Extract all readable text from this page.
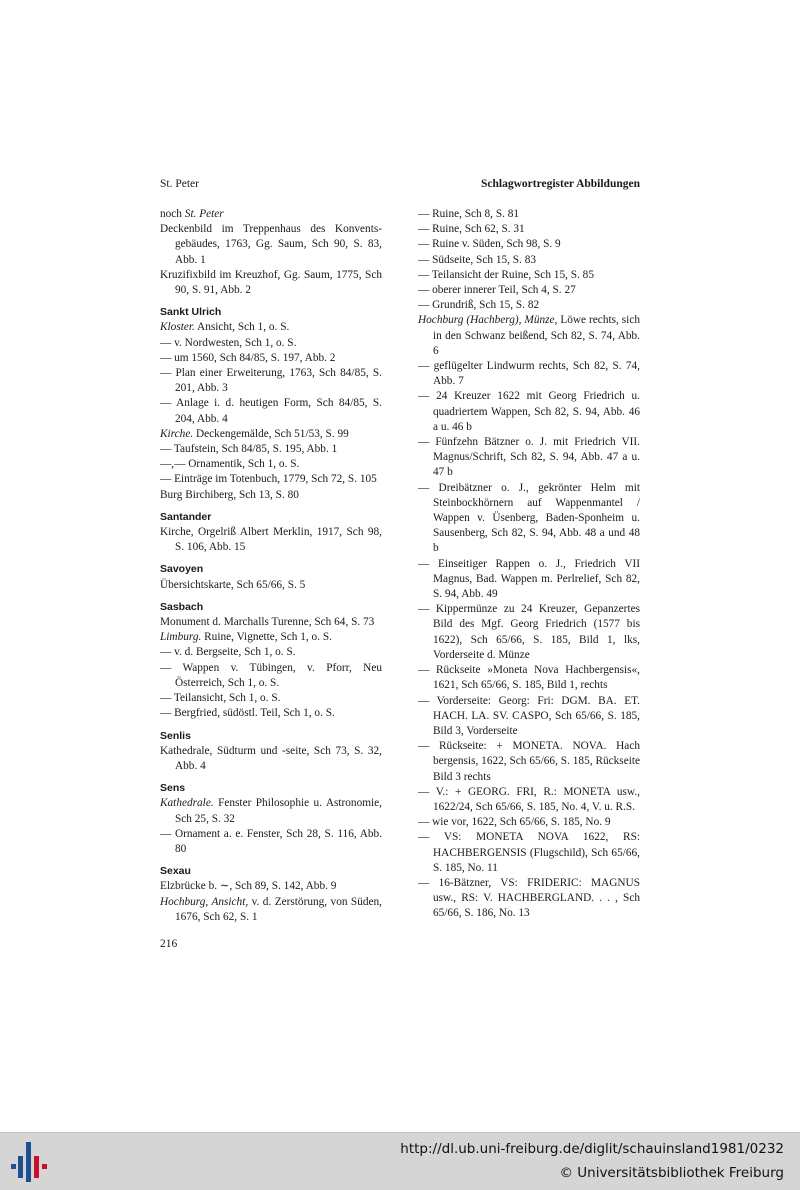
St. Peter	Schlagwortregister Abbildungen
noch St. Peter
Deckenbild im Treppenhaus des Konvents-gebäudes, 1763, Gg. Saum, Sch 90, S. 83, Abb. 1
Kruzifixbild im Kreuzhof, Gg. Saum, 1775, Sch 90, S. 91, Abb. 2
Sankt Ulrich
Kloster. Ansicht, Sch 1, o. S.
— v. Nordwesten, Sch 1, o. S.
— um 1560, Sch 84/85, S. 197, Abb. 2
— Plan einer Erweiterung, 1763, Sch 84/85, S. 201, Abb. 3
— Anlage i. d. heutigen Form, Sch 84/85, S. 204, Abb. 4
Kirche. Deckengemälde, Sch 51/53, S. 99
— Taufstein, Sch 84/85, S. 195, Abb. 1
—,— Ornamentik, Sch 1, o. S.
— Einträge im Totenbuch, 1779, Sch 72, S. 105
Burg Birchiberg, Sch 13, S. 80
Santander
Kirche, Orgelriß Albert Merklin, 1917, Sch 98, S. 106, Abb. 15
Savoyen
Übersichtskarte, Sch 65/66, S. 5
Sasbach
Monument d. Marchalls Turenne, Sch 64, S. 73
Limburg. Ruine, Vignette, Sch 1, o. S.
— v. d. Bergseite, Sch 1, o. S.
— Wappen v. Tübingen, v. Pforr, Neu Österreich, Sch 1, o. S.
— Teilansicht, Sch 1, o. S.
— Bergfried, südöstl. Teil, Sch 1, o. S.
Senlis
Kathedrale, Südturm und -seite, Sch 73, S. 32, Abb. 4
Sens
Kathedrale. Fenster Philosophie u. Astronomie, Sch 25, S. 32
— Ornament a. e. Fenster, Sch 28, S. 116, Abb. 80
Sexau
Elzbrücke b. ∼, Sch 89, S. 142, Abb. 9
Hochburg, Ansicht, v. d. Zerstörung, von Süden, 1676, Sch 62, S. 1
— Ruine, Sch 8, S. 81
— Ruine, Sch 62, S. 31
— Ruine v. Süden, Sch 98, S. 9
— Südseite, Sch 15, S. 83
— Teilansicht der Ruine, Sch 15, S. 85
— oberer innerer Teil, Sch 4, S. 27
— Grundriß, Sch 15, S. 82
Hochburg (Hachberg), Münze, Löwe rechts, sich in den Schwanz beißend, Sch 82, S. 74, Abb. 6
— geflügelter Lindwurm rechts, Sch 82, S. 74, Abb. 7
— 24 Kreuzer 1622 mit Georg Friedrich u. quadriertem Wappen, Sch 82, S. 94, Abb. 46 a u. 46 b
— Fünfzehn Bätzner o. J. mit Friedrich VII. Magnus/Schrift, Sch 82, S. 94, Abb. 47 a u. 47 b
— Dreibätzner o. J., gekrönter Helm mit Steinbockhörnern auf Wappenmantel / Wappen v. Üsenberg, Baden-Sponheim u. Sausenberg, Sch 82, S. 94, Abb. 48 a und 48 b
— Einseitiger Rappen o. J., Friedrich VII Magnus, Bad. Wappen m. Perlrelief, Sch 82, S. 94, Abb. 49
— Kippermünze zu 24 Kreuzer, Gepanzertes Bild des Mgf. Georg Friedrich (1577 bis 1622), Sch 65/66, S. 185, Bild 1, lks, Vorderseite d. Münze
— Rückseite »Moneta Nova Hachbergensis«, 1621, Sch 65/66, S. 185, Bild 1, rechts
— Vorderseite: Georg: Fri: DGM. BA. ET. HACH. LA. SV. CASPO, Sch 65/66, S. 185, Bild 3, Vorderseite
— Rückseite: + MONETA. NOVA. Hach bergensis, 1622, Sch 65/66, S. 185, Rückseite Bild 3 rechts
— V.: + GEORG. FRI, R.: MONETA usw., 1622/24, Sch 65/66, S. 185, No. 4, V. u. R.S.
— wie vor, 1622, Sch 65/66, S. 185, No. 9
— VS: MONETA NOVA 1622, RS: HACHBERGENSIS (Flugschild), Sch 65/66, S. 185, No. 11
— 16-Bätzner, VS: FRIDERIC: MAGNUS usw., RS: V. HACHBERGLAND. . . , Sch 65/66, S. 186, No. 13
216
http://dl.ub.uni-freiburg.de/diglit/schauinsland1981/0232
© Universitätsbibliothek Freiburg
